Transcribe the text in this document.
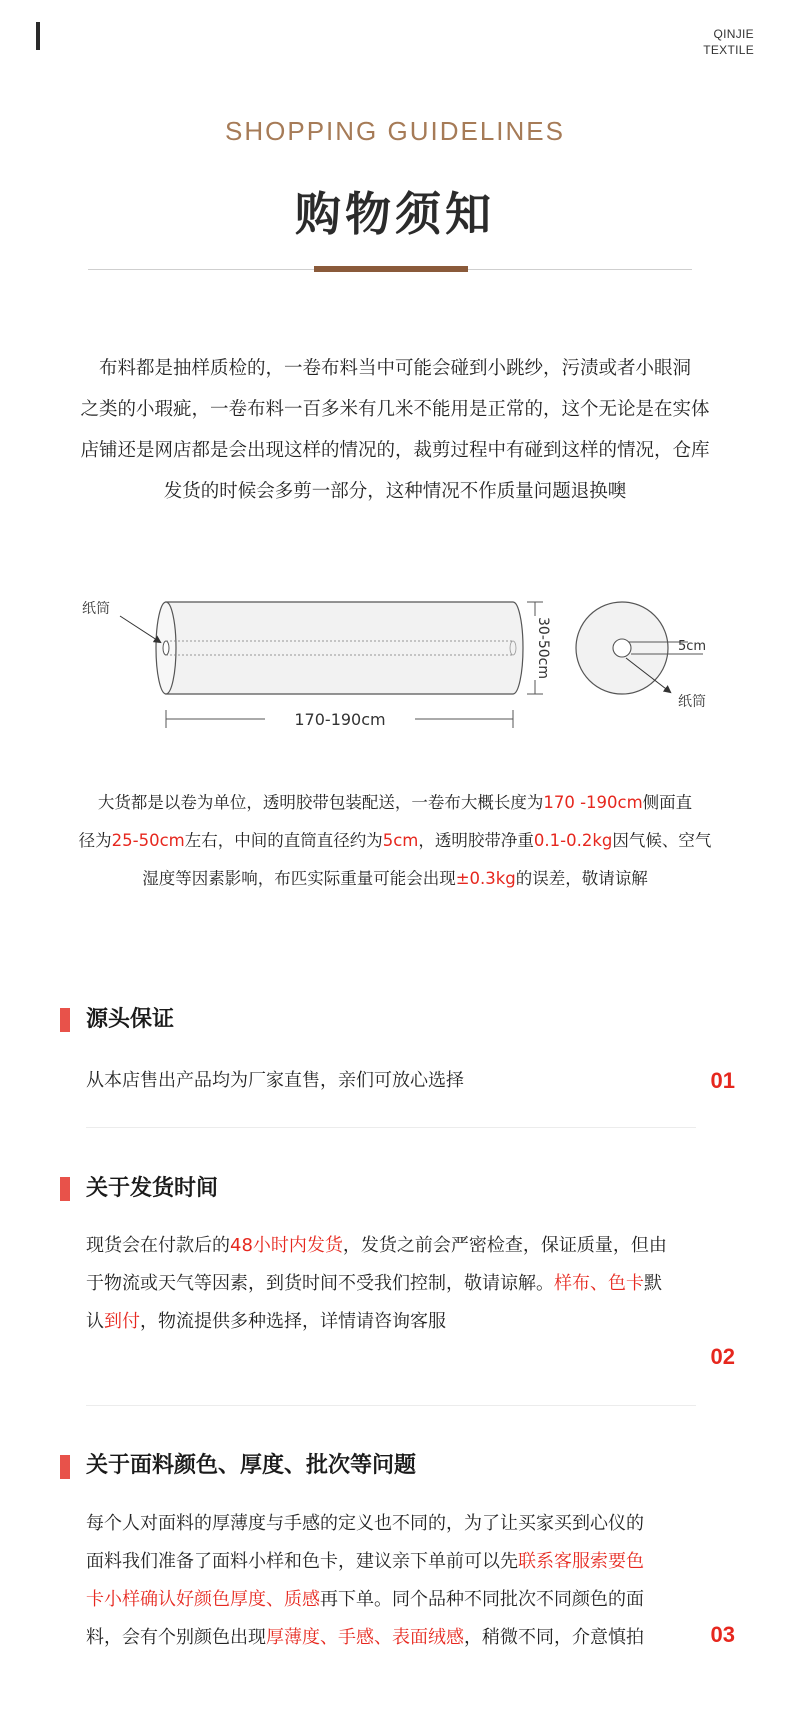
QINJIE
TEXTILE
SHOPPING GUIDELINES
购物须知
布料都是抽样质检的，一卷布料当中可能会碰到小跳纱，污渍或者小眼洞
之类的小瑕疵，一卷布料一百多米有几米不能用是正常的，这个无论是在实体
店铺还是网店都是会出现这样的情况的，裁剪过程中有碰到这样的情况，仓库
发货的时候会多剪一部分，这种情况不作质量问题退换噢
纸筒
170-190cm
30-50cm	5cm
纸筒
大货都是以卷为单位，透明胶带包装配送，一卷布大概长度为170 -190cm侧面直
径为25-50cm左右，中间的直筒直径约为5cm，透明胶带净重0.1-0.2kg因气候、空气
湿度等因素影响，布匹实际重量可能会出现±0.3kg的误差，敬请谅解
源头保证
从本店售出产品均为厂家直售，亲们可放心选择	01
关于发货时间
现货会在付款后的48小时内发货，发货之前会严密检查，保证质量，但由
于物流或天气等因素，到货时间不受我们控制，敬请谅解。样布、色卡默
认到付，物流提供多种选择，详情请咨询客服
02
关于面料颜色、厚度、批次等问题
每个人对面料的厚薄度与手感的定义也不同的，为了让买家买到心仪的
面料我们准备了面料小样和色卡，建议亲下单前可以先联系客服索要色
卡小样确认好颜色厚度、质感再下单。同个品种不同批次不同颜色的面
料，会有个别颜色出现厚薄度、手感、表面绒感，稍微不同，介意慎拍	03
